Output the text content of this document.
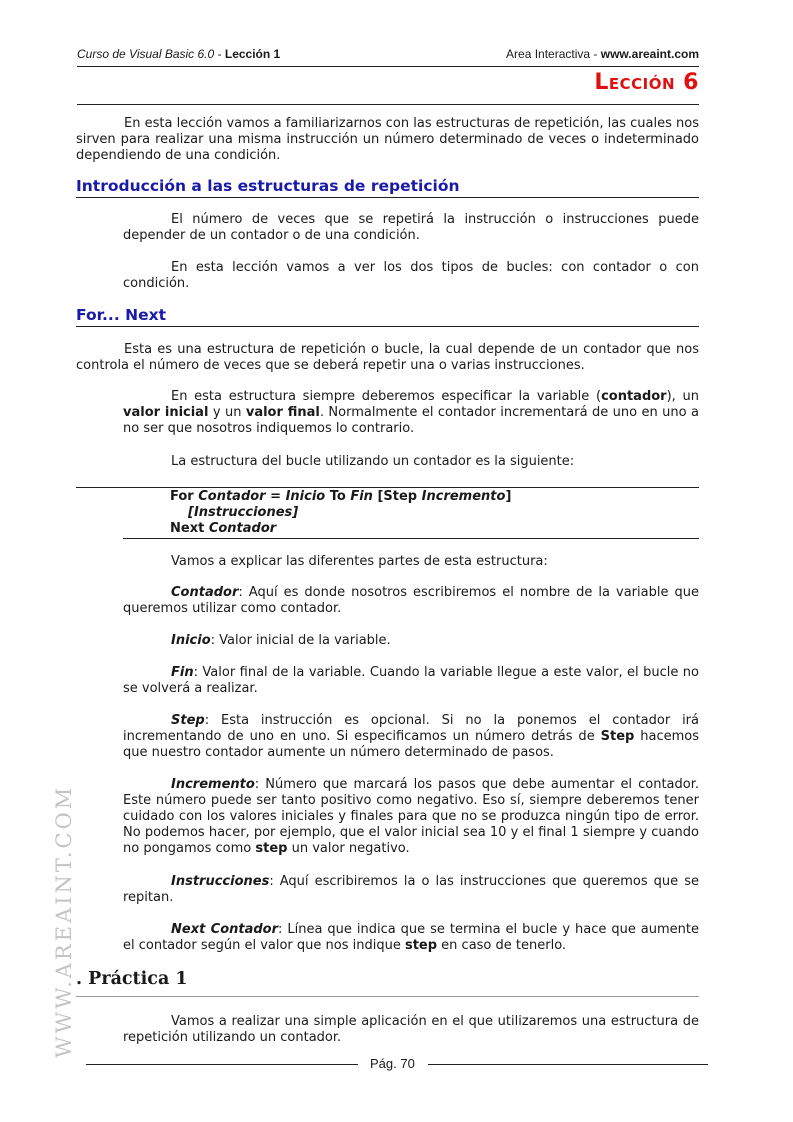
Curso de Visual Basic 6.0 - Lección 1	Area Interactiva - www.areaint.com
Lección 6

En esta lección vamos a familiarizarnos con las estructuras de repetición, las cuales nos sirven para realizar una misma instrucción un número determinado de veces o indeterminado dependiendo de una condición.

Introducción a las estructuras de repetición

El número de veces que se repetirá la instrucción o instrucciones puede depender de un contador o de una condición.

En esta lección vamos a ver los dos tipos de bucles: con contador o con condición.

For... Next

Esta es una estructura de repetición o bucle, la cual depende de un contador que nos controla el número de veces que se deberá repetir una o varias instrucciones.

En esta estructura siempre deberemos especificar la variable (contador), un valor inicial y un valor final. Normalmente el contador incrementará de uno en uno a no ser que nosotros indiquemos lo contrario.

La estructura del bucle utilizando un contador es la siguiente:

For Contador = Inicio To Fin [Step Incremento]
[Instrucciones]
Next Contador

Vamos a explicar las diferentes partes de esta estructura:

Contador: Aquí es donde nosotros escribiremos el nombre de la variable que queremos utilizar como contador.

Inicio: Valor inicial de la variable.

Fin: Valor final de la variable. Cuando la variable llegue a este valor, el bucle no se volverá a realizar.

Step: Esta instrucción es opcional. Si no la ponemos el contador irá incrementando de uno en uno. Si especificamos un número detrás de Step hacemos que nuestro contador aumente un número determinado de pasos.

Incremento: Número que marcará los pasos que debe aumentar el contador. Este número puede ser tanto positivo como negativo. Eso sí, siempre deberemos tener cuidado con los valores iniciales y finales para que no se produzca ningún tipo de error. No podemos hacer, por ejemplo, que el valor inicial sea 10 y el final 1 siempre y cuando no pongamos como step un valor negativo.

Instrucciones: Aquí escribiremos la o las instrucciones que queremos que se repitan.

Next Contador: Línea que indica que se termina el bucle y hace que aumente el contador según el valor que nos indique step en caso de tenerlo.

. Práctica 1

Vamos a realizar una simple aplicación en el que utilizaremos una estructura de repetición utilizando un contador.

WWW.AREAINT.COM
Pág. 70
